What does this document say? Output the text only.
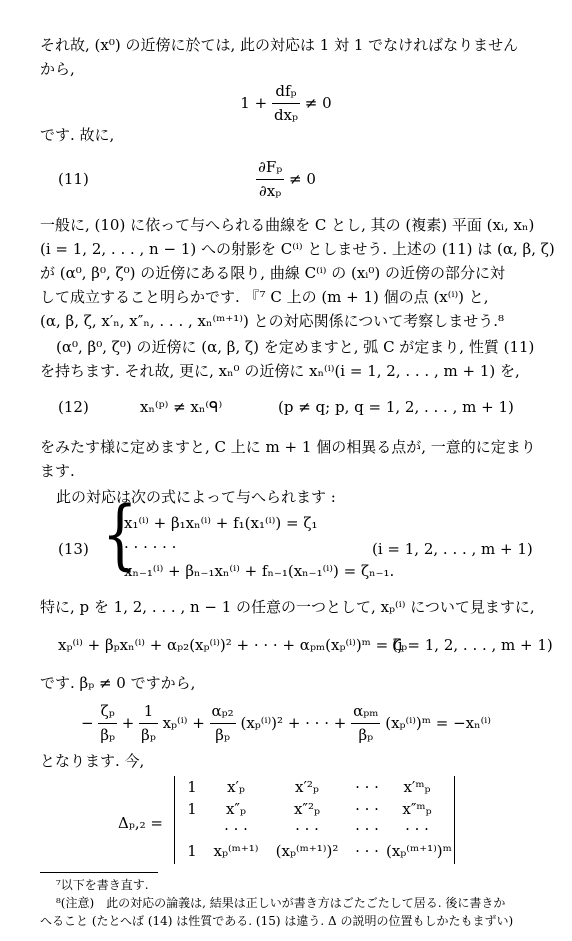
それ故, (x⁰) の近傍に於ては, 此の対応は 1 対 1 でなければなりません
から,
$1 + \frac{\text{dfₚ}}{\text{dxₚ}} \ne 0$
です. 故に,
(11)	$\frac{\text{∂Fₚ}}{\text{∂xₚ}} \ne 0$
一般に, (10) に依って与へられる曲線を C とし, 其の (複素) 平面 (xᵢ, xₙ)
(i = 1, 2, . . . , n − 1) への射影を C⁽ⁱ⁾ としませう. 上述の (11) は (α, β, ζ)
が (α⁰, β⁰, ζ⁰) の近傍にある限り, 曲線 C⁽ⁱ⁾ の (xᵢ⁰) の近傍の部分に対
して成立すること明らかです. 『⁷ C 上の (m + 1) 個の点 (x⁽ⁱ⁾) と,
(α, β, ζ, x′ₙ, x″ₙ, . . . , xₙ⁽ᵐ⁺¹⁾) との対応関係について考察しませう.⁸
(α⁰, β⁰, ζ⁰) の近傍に (α, β, ζ) を定めますと, 弧 C が定まり, 性質 (11)
を持ちます. それ故, 更に, xₙ⁰ の近傍に xₙ⁽ⁱ⁾(i = 1, 2, . . . , m + 1) を,
(12)	xₙ⁽ᵖ⁾ ≠ xₙ⁽ᑫ⁾	(p ≠ q; p, q = 1, 2, . . . , m + 1)
をみたす様に定めますと, C 上に m + 1 個の相異る点が, 一意的に定まり
ます.
此の対応は次の式によって与へられます :
(13) {
x₁⁽ⁱ⁾ + β₁xₙ⁽ⁱ⁾ + f₁(x₁⁽ⁱ⁾) = ζ₁
· · · · · ·
xₙ₋₁⁽ⁱ⁾ + βₙ₋₁xₙ⁽ⁱ⁾ + fₙ₋₁(xₙ₋₁⁽ⁱ⁾) = ζₙ₋₁.
(i = 1, 2, . . . , m + 1)
特に, p を 1, 2, . . . , n − 1 の任意の一つとして, xₚ⁽ⁱ⁾ について見ますに,
xₚ⁽ⁱ⁾ + βₚxₙ⁽ⁱ⁾ + αₚ₂(xₚ⁽ⁱ⁾)² + · · · + αₚₘ(xₚ⁽ⁱ⁾)ᵐ = ζₚ
(i = 1, 2, . . . , m + 1)
です. βₚ ≠ 0 ですから,
− $\frac{\text{ζₚ}}{\text{βₚ}} + \frac{1}{\text{βₚ}} x_p^{(i)} + \frac{\text{αₚ₂}}{\text{βₚ}} (x_p^{(i)})^2$ + · · · + $\frac{\text{αₚₘ}}{\text{βₚ}}$ (xₚ⁽ⁱ⁾)ᵐ = −xₙ⁽ⁱ⁾
となります. 今,
Δₚ,₂ =
1 x′ₚ	x′²ₚ · · · x′ᵐₚ
1 x″ₚ	x″²ₚ · · · x″ᵐₚ
· · ·	· · · · · · · · ·
1 xₚ⁽ᵐ⁺¹⁾ (xₚ⁽ᵐ⁺¹⁾)² · · · (xₚ⁽ᵐ⁺¹⁾)ᵐ
⁷以下を書き直す.
⁸(注意)　此の対応の論義は, 結果は正しいが書き方はごたごたして居る. 後に書きか
へること (たとへば (14) は性質である. (15) は違う. Δ の説明の位置もしかたもまずい)
